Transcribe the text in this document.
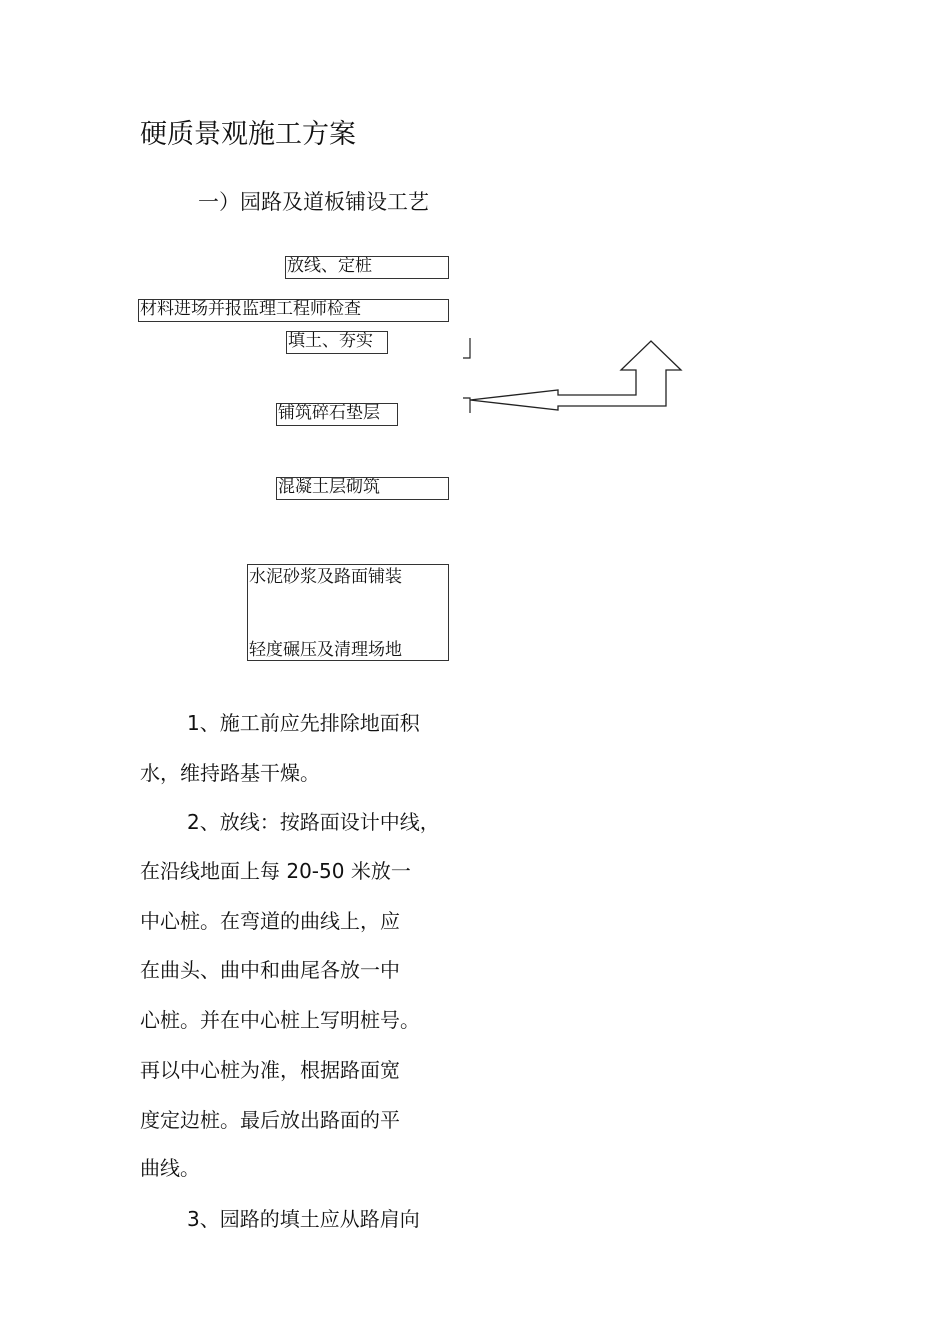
硬质景观施工方案
一）园路及道板铺设工艺
放线、定桩
材料进场并报监理工程师检查
填土、夯实
铺筑碎石垫层
混凝土层砌筑
水泥砂浆及路面铺装
轻度碾压及清理场地
1、施工前应先排除地面积
水，维持路基干燥。
2、放线：按路面设计中线，
在沿线地面上每 20-50 米放一
中心桩。在弯道的曲线上，应
在曲头、曲中和曲尾各放一中
心桩。并在中心桩上写明桩号。
再以中心桩为准，根据路面宽
度定边桩。最后放出路面的平
曲线。
3、园路的填土应从路肩向
